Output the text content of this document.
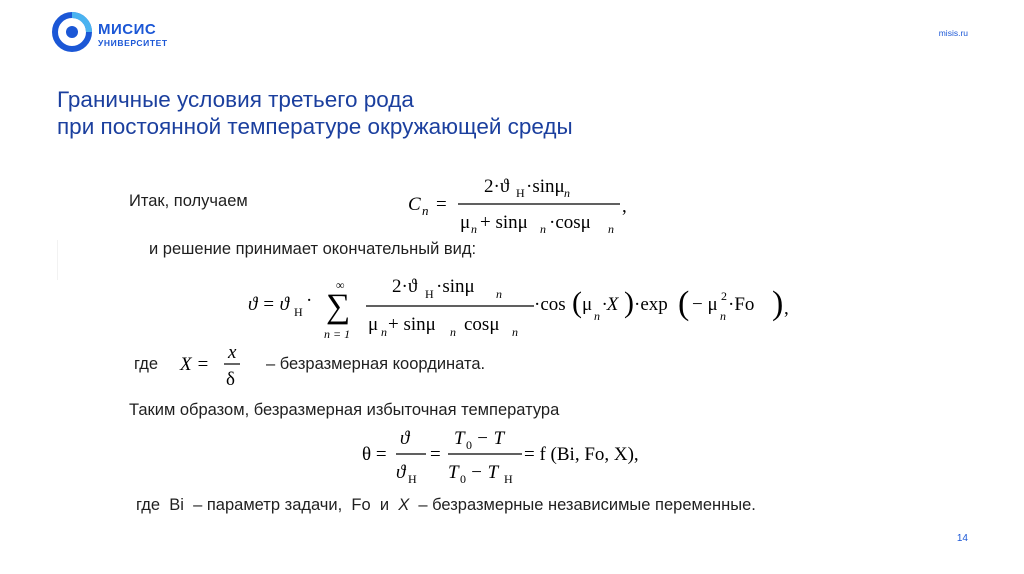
МИСИС
УНИВЕРСИТЕТ
misis.ru
Граничные условия третьего рода
при постоянной температуре окружающей среды
Итак, получаем	C n =
2·ϑ Н ·sinμ n
μ n + sinμ n ·cosμ n
,
и решение принимает окончательный вид:
ϑ = ϑ Н
·
∞
∑
n = 1
2·ϑ Н ·sinμ n
μ n + sinμ n cosμ n
·cos ( μ
n
·X ) ·exp ( − μ 2
n
·Fo ) ,
где X =
x
δ
– безразмерная координата.
Таким образом, безразмерная избыточная температура
θ =
ϑ
ϑ Н
=
T 0 − T
T 0 − T Н
= f (Bi, Fo, X),
где Bi – параметр задачи, Fo и X – безразмерные независимые переменные.
14
